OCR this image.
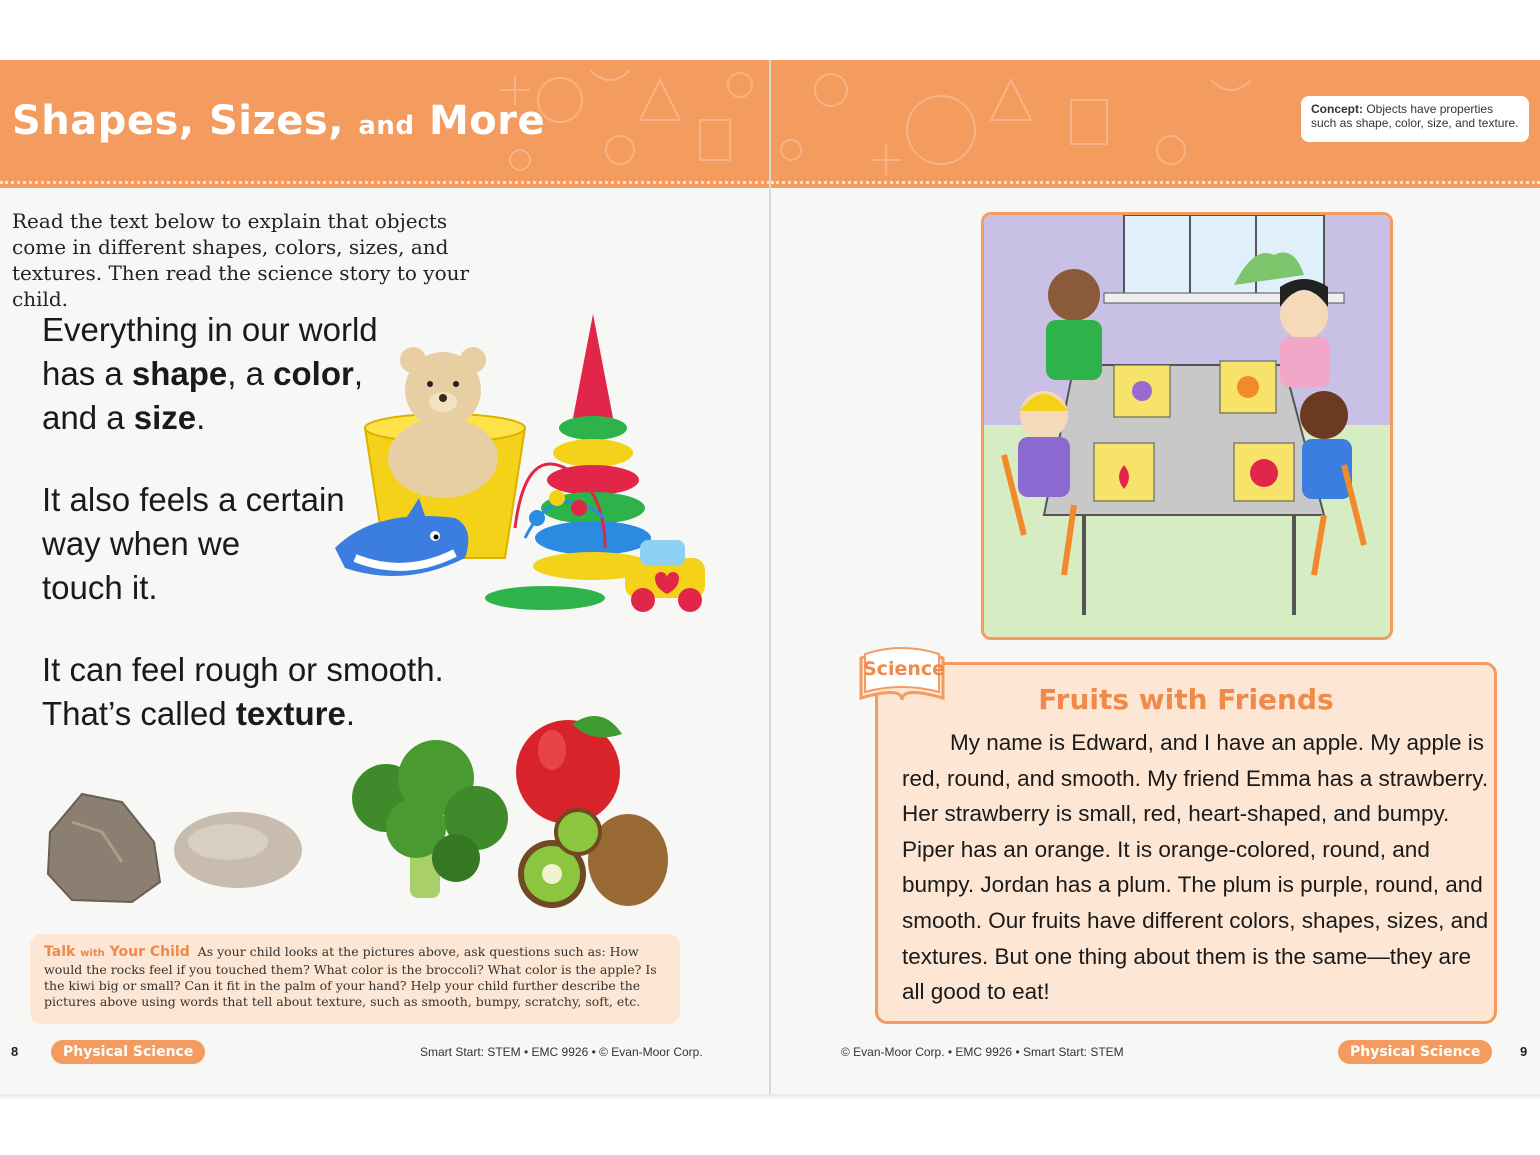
Shapes, Sizes, and More
Read the text below to explain that objects come in different shapes, colors, sizes, and textures. Then read the science story to your child.
Everything in our world
has a shape, a color,
and a size.
It also feels a certain
way when we
touch it.
It can feel rough or smooth.
That’s called texture.
Talk with Your Child As your child looks at the pictures above, ask questions such as: How would the rocks feel if you touched them? What color is the broccoli? What color is the apple? Is the kiwi big or small? Can it fit in the palm of your hand? Help your child further describe the pictures above using words that tell about texture, such as smooth, bumpy, scratchy, soft, etc.
8	Physical Science	Smart Start: STEM • EMC 9926 • © Evan-Moor Corp.
Concept: Objects have properties such as shape, color, size, and texture.
Fruits with Friends
My name is Edward, and I have an apple. My apple is red, round, and smooth. My friend Emma has a strawberry. Her strawberry is small, red, heart-shaped, and bumpy. Piper has an orange. It is orange-colored, round, and bumpy. Jordan has a plum. The plum is purple, round, and smooth. Our fruits have different colors, shapes, sizes, and textures. But one thing about them is the same—they are all good to eat!
Science
© Evan-Moor Corp. • EMC 9926 • Smart Start: STEM	Physical Science	9
